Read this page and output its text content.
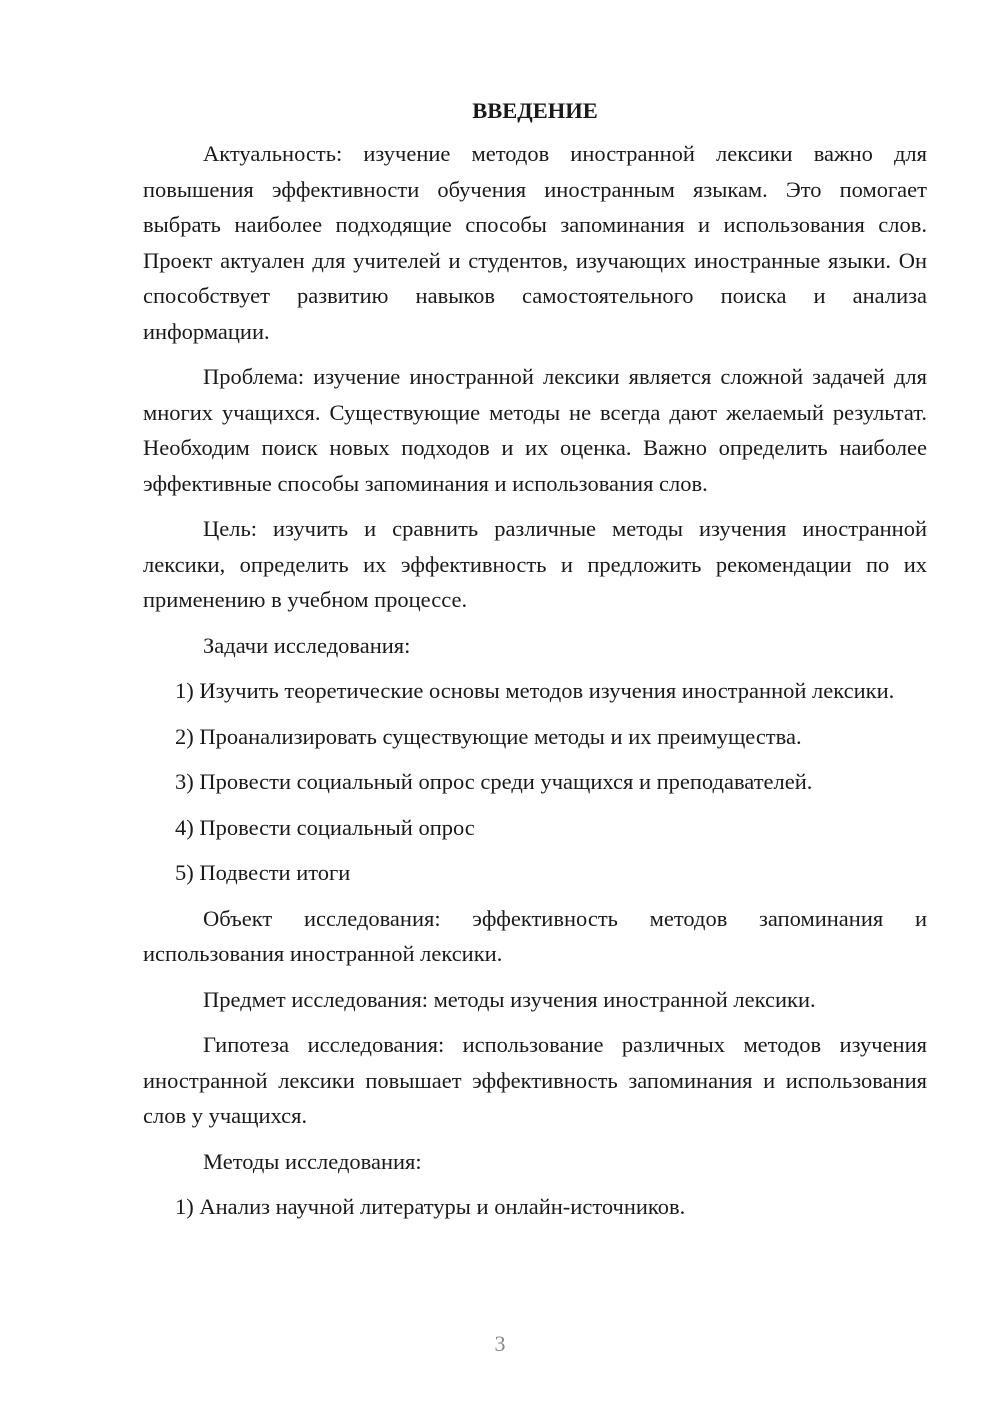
ВВЕДЕНИЕ

Актуальность: изучение методов иностранной лексики важно для повышения эффективности обучения иностранным языкам. Это помогает выбрать наиболее подходящие способы запоминания и использования слов. Проект актуален для учителей и студентов, изучающих иностранные языки. Он способствует развитию навыков самостоятельного поиска и анализа информации.

Проблема: изучение иностранной лексики является сложной задачей для многих учащихся. Существующие методы не всегда дают желаемый результат. Необходим поиск новых подходов и их оценка. Важно определить наиболее эффективные способы запоминания и использования слов.

Цель: изучить и сравнить различные методы изучения иностранной лексики, определить их эффективность и предложить рекомендации по их применению в учебном процессе.

Задачи исследования:

1) Изучить теоретические основы методов изучения иностранной лексики.

2) Проанализировать существующие методы и их преимущества.

3) Провести социальный опрос среди учащихся и преподавателей.

4) Провести социальный опрос

5) Подвести итоги

Объект исследования: эффективность методов запоминания и использования иностранной лексики.

Предмет исследования: методы изучения иностранной лексики.

Гипотеза исследования: использование различных методов изучения иностранной лексики повышает эффективность запоминания и использования слов у учащихся.

Методы исследования:

1) Анализ научной литературы и онлайн-источников.

3
